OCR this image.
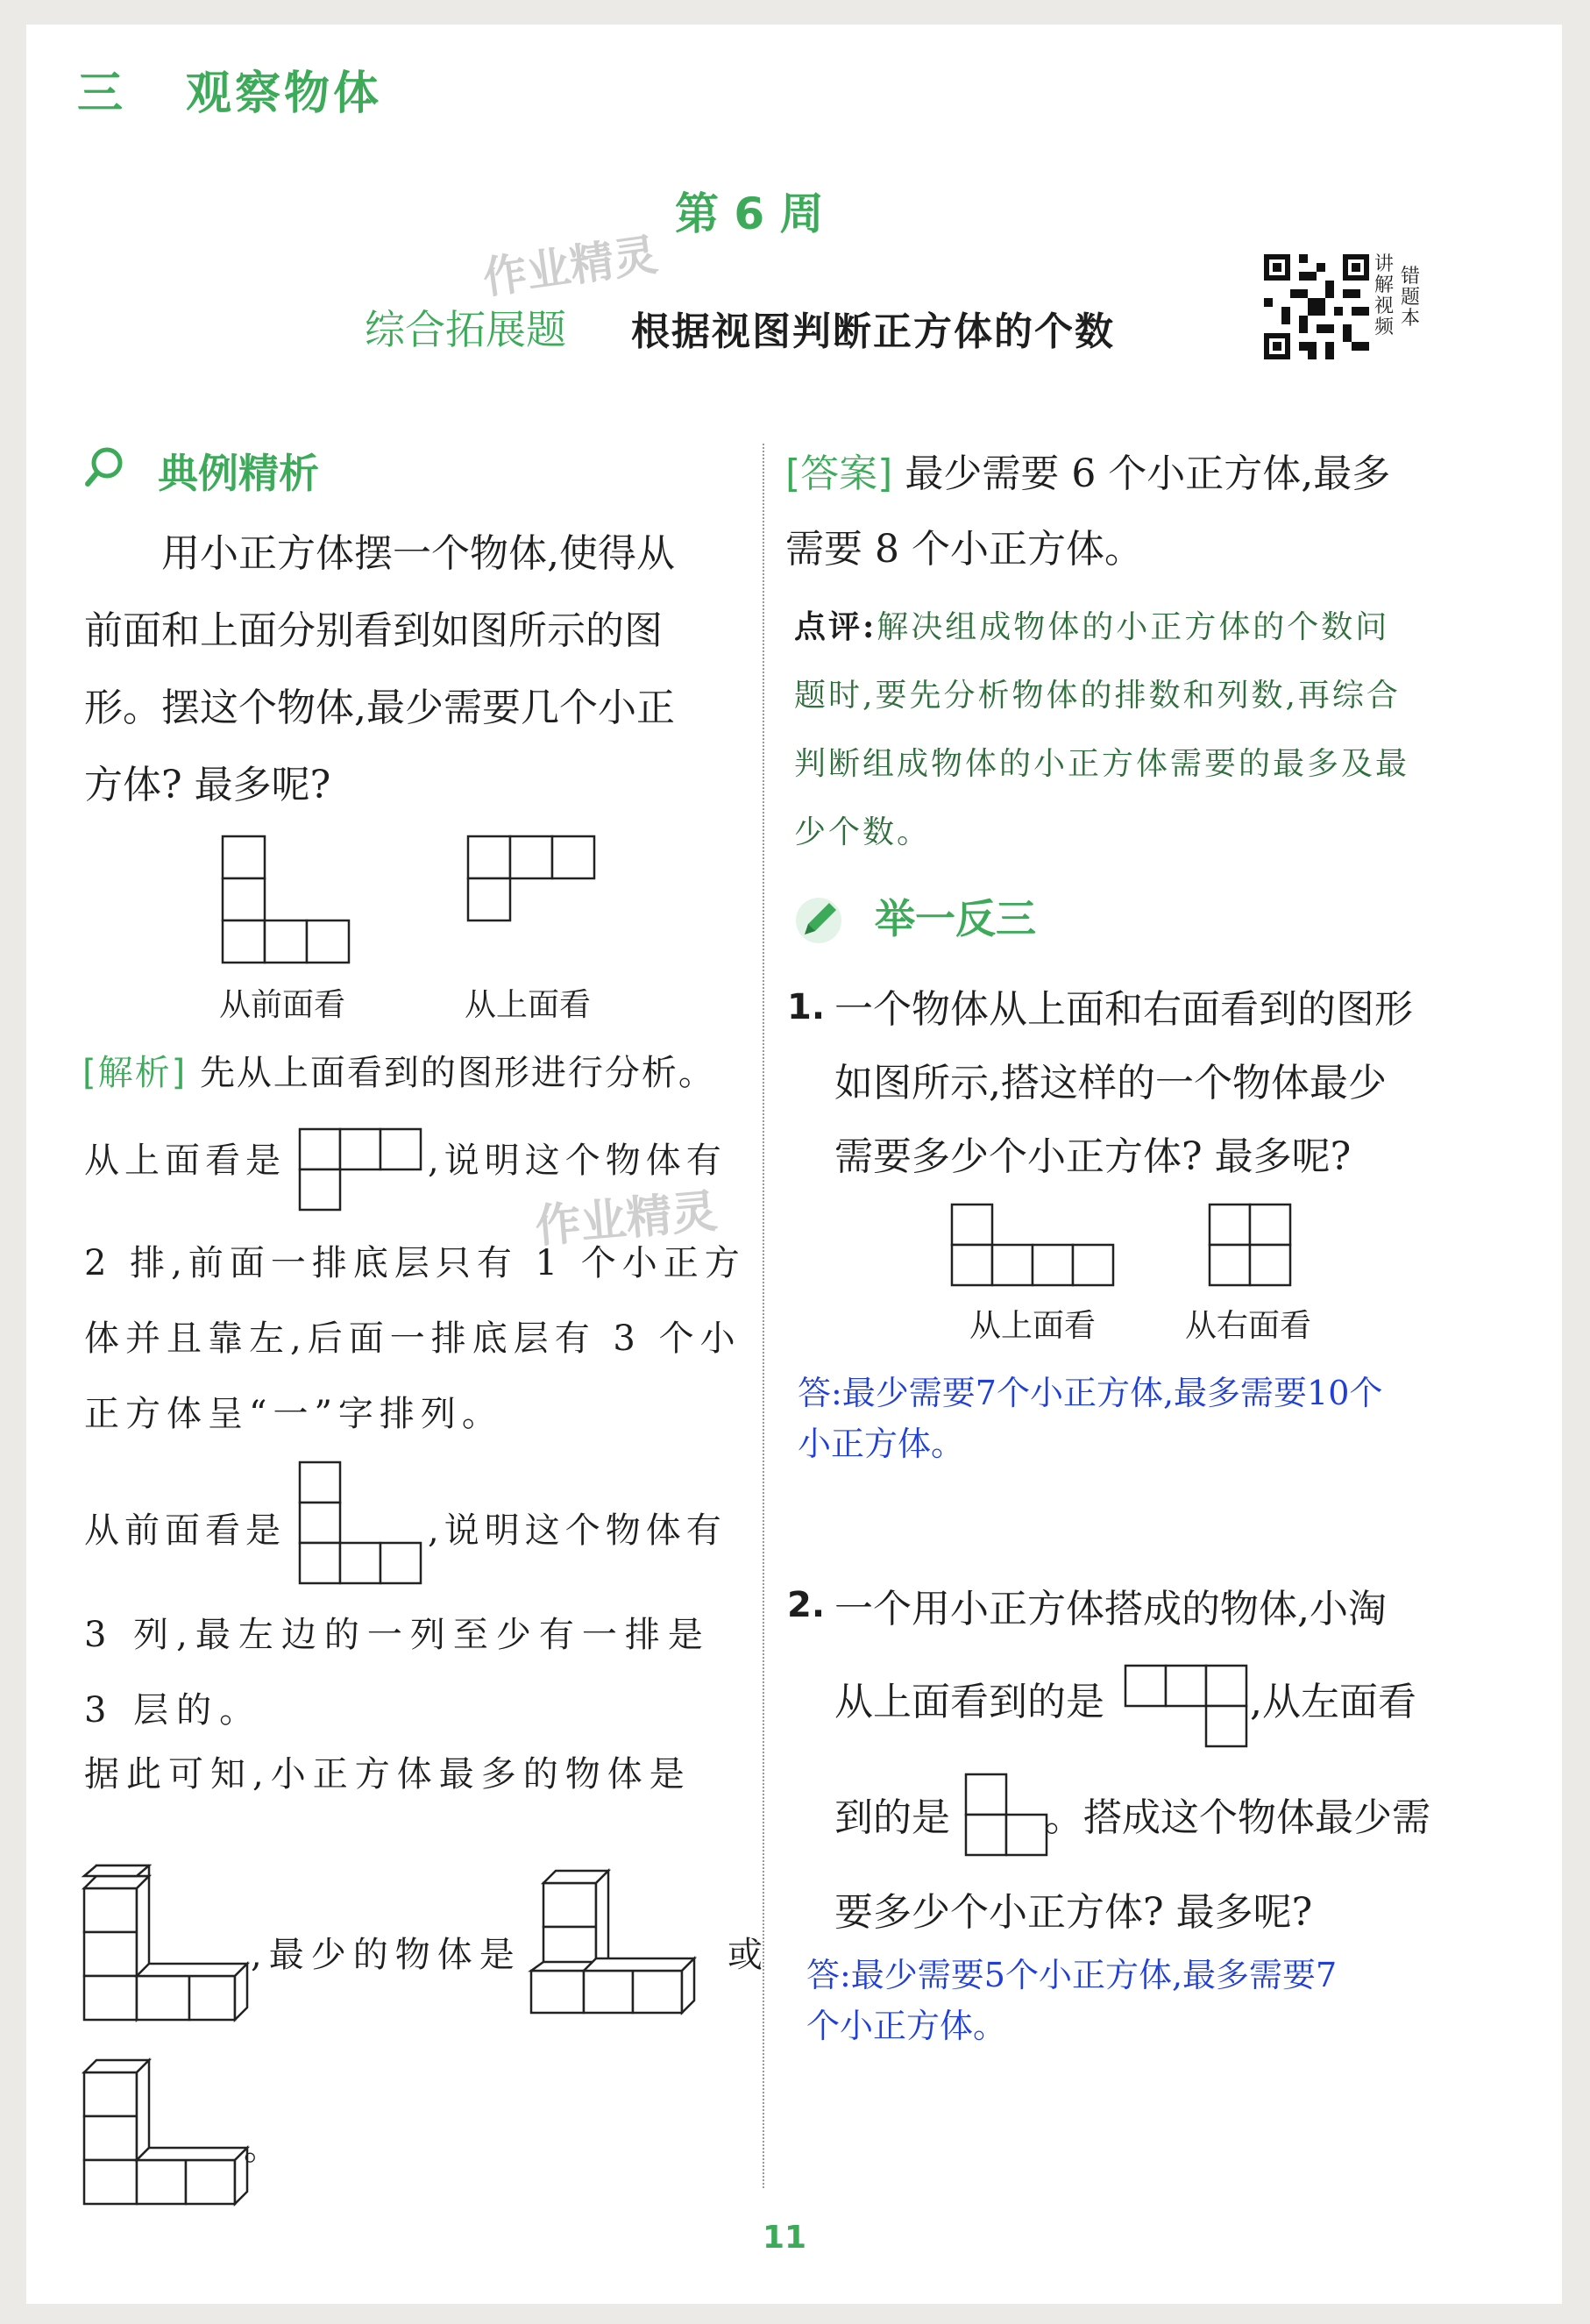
三 观察物体
第 6 周
作业精灵
综合拓展题 根据视图判断正方体的个数
讲解视频
错题本
典例精析
用小正方体摆一个物体,使得从
前面和上面分别看到如图所示的图
形。摆这个物体,最少需要几个小正
方体? 最多呢?
从前面看	从上面看
[解析] 先从上面看到的图形进行分析。
从上面看是	,说明这个物体有
作业精灵
2 排,前面一排底层只有 1 个小正方
体并且靠左,后面一排底层有 3 个小
正方体呈“一”字排列。
从前面看是	,说明这个物体有
3 列,最左边的一列至少有一排是
3 层的。
据此可知,小正方体最多的物体是
,最少的物体是	或
。
[答案] 最少需要 6 个小正方体,最多
需要 8 个小正方体。
点评:解决组成物体的小正方体的个数问
题时,要先分析物体的排数和列数,再综合
判断组成物体的小正方体需要的最多及最
少个数。
举一反三
1. 一个物体从上面和右面看到的图形
如图所示,搭这样的一个物体最少
需要多少个小正方体? 最多呢?
从上面看	从右面看
答:最少需要7个小正方体,最多需要10个
小正方体。
2. 一个用小正方体搭成的物体,小淘
从上面看到的是	,从左面看
到的是 。搭成这个物体最少需
要多少个小正方体? 最多呢?
答:最少需要5个小正方体,最多需要7
个小正方体。
11
